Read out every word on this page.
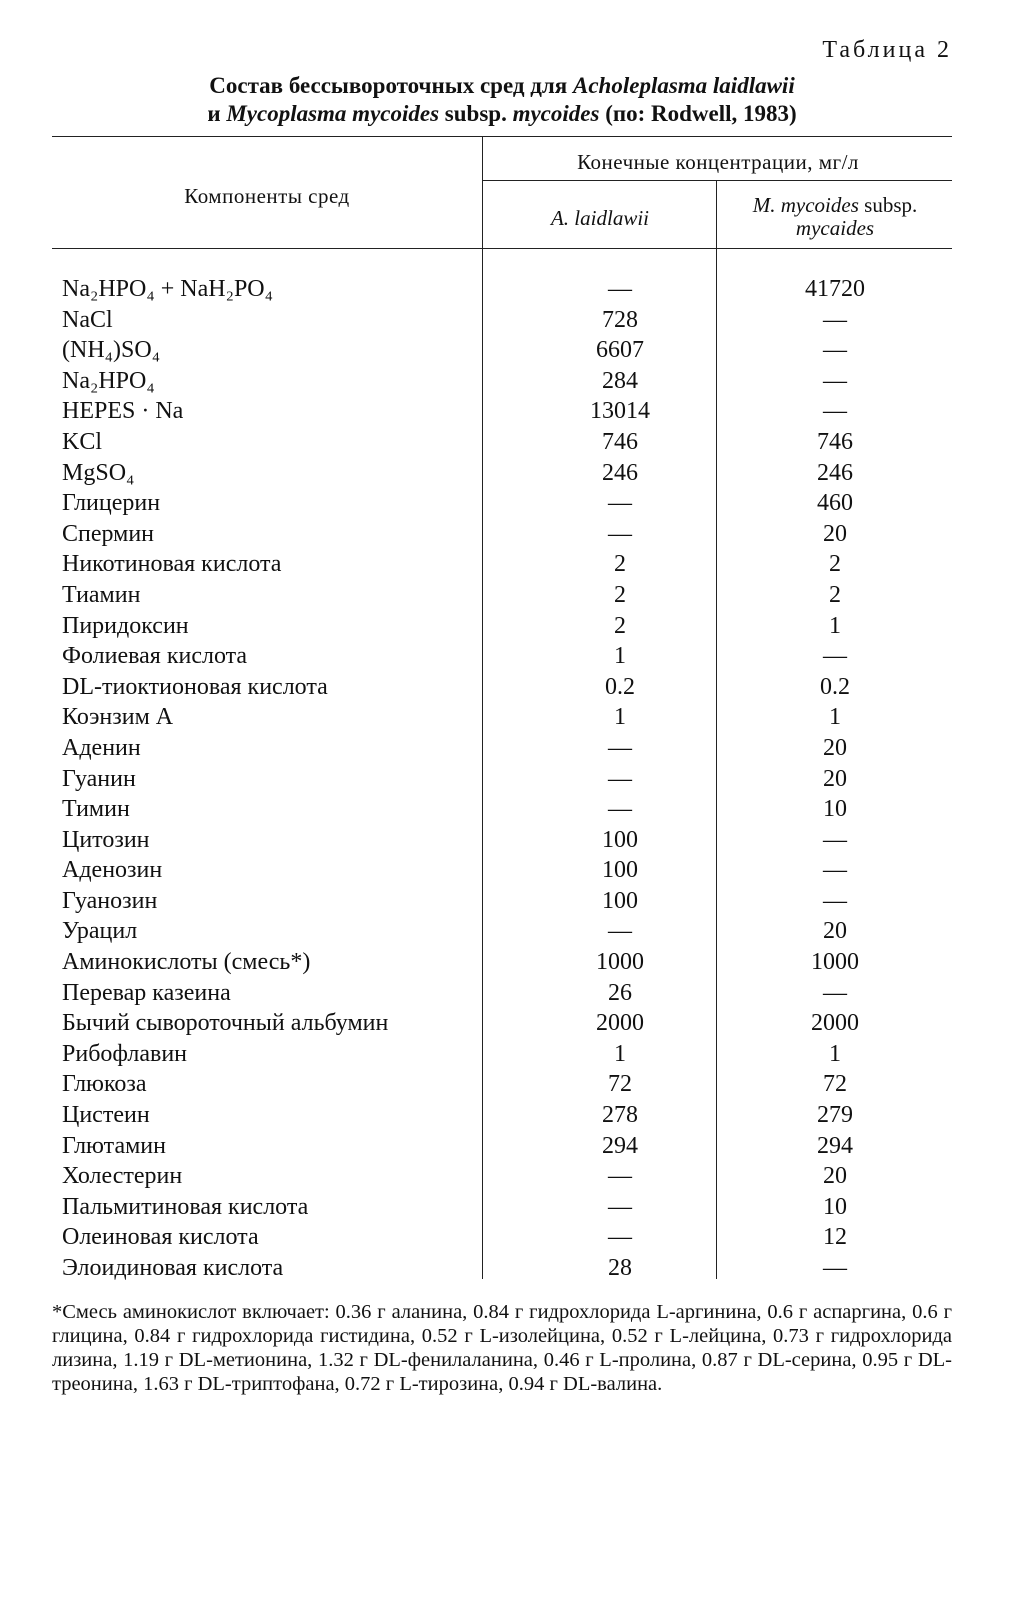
Таблица 2
Состав бессывороточных сред для Acholeplasma laidlawii
и Mycoplasma mycoides subsp. mycoides (по: Rodwell, 1983)
Компоненты сред
Конечные концентрации, мг/л
A. laidlawii
M. mycoides subsp.
mycaides
Na₂HPO₄ + NaH₂PO₄	—	41720
NaCl	728	—
(NH₄)SO₄	6607	—
Na₂HPO₄	284	—
HEPES · Na	13014	—
KCl	746	746
MgSO₄	246	246
Глицерин	—	460
Спермин	—	20
Никотиновая кислота	2	2
Тиамин	2	2
Пиридоксин	2	1
Фолиевая кислота	1	—
DL-тиоктионовая кислота	0.2	0.2
Коэнзим A	1	1
Аденин	—	20
Гуанин	—	20
Тимин	—	10
Цитозин	100	—
Аденозин	100	—
Гуанозин	100	—
Урацил	—	20
Аминокислоты (смесь*)	1000	1000
Перевар казеина	26	—
Бычий сывороточный альбумин	2000	2000
Рибофлавин	1	1
Глюкоза	72	72
Цистеин	278	279
Глютамин	294	294
Холестерин	—	20
Пальмитиновая кислота	—	10
Олеиновая кислота	—	12
Элоидиновая кислота	28	—
*Смесь аминокислот включает: 0.36 г аланина, 0.84 г гидрохлорида L-аргинина, 0.6 г аспаргина, 0.6 г глицина, 0.84 г гидрохлорида гистидина, 0.52 г L-изолейцина, 0.52 г L-лейцина, 0.73 г гидрохлорида лизина, 1.19 г DL-метионина, 1.32 г DL-фенилаланина, 0.46 г L-пролина, 0.87 г DL-серина, 0.95 г DL-треонина, 1.63 г DL-триптофана, 0.72 г L-тирозина, 0.94 г DL-валина.
